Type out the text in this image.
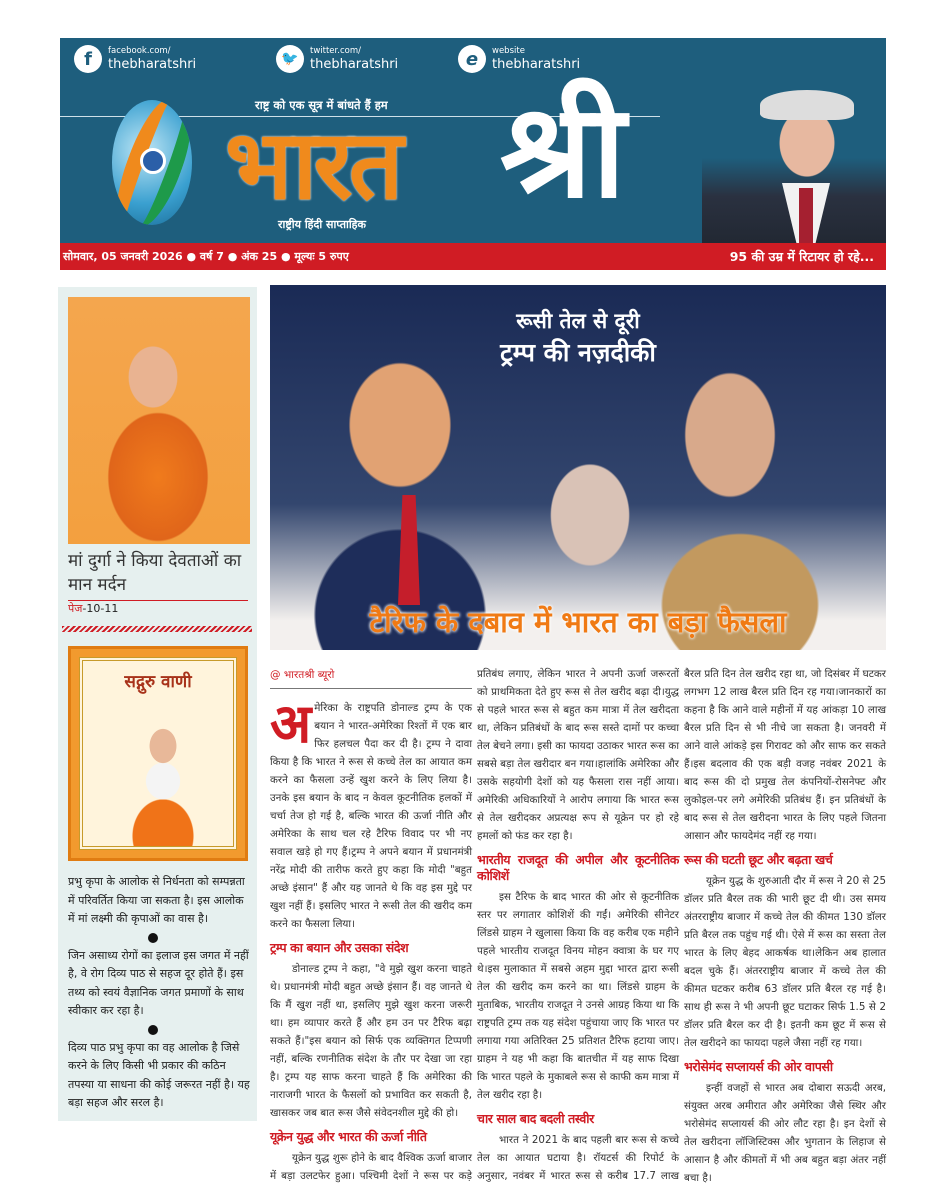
f	facebook.com/
thebharatshri	🐦	twitter.com/
thebharatshri	e	website
thebharatshri
राष्ट्र को एक सूत्र में बांधते हैं हम
भारत श्री
राष्ट्रीय हिंदी साप्ताहिक
सोमवार, 05 जनवरी 2026 ● वर्ष 7 ● अंक 25 ● मूल्यः 5 रुपए	95 की उम्र में रिटायर हो रहे...
मां दुर्गा ने किया देवताओं का मान मर्दन
पेज-10-11
सद्गुरु वाणी
प्रभु कृपा के आलोक से निर्धनता को सम्पन्नता में परिवर्तित किया जा सकता है। इस आलोक में मां लक्ष्मी की कृपाओं का वास है।
जिन असाध्य रोगों का इलाज इस जगत में नहीं है, वे रोग दिव्य पाठ से सहज दूर होते हैं। इस तथ्य को स्वयं वैज्ञानिक जगत प्रमाणों के साथ स्वीकार कर रहा है।
दिव्य पाठ प्रभु कृपा का वह आलोक है जिसे करने के लिए किसी भी प्रकार की कठिन तपस्या या साधना की कोई जरूरत नहीं है। यह बड़ा सहज और सरल है।
रूसी तेल से दूरी
ट्रम्प की नज़दीकी
टैरिफ के दबाव में भारत का बड़ा फैसला
@ भारतश्री ब्यूरो

अमेरिका के राष्ट्रपति डोनाल्ड ट्रम्प के एक बयान ने भारत-अमेरिका रिश्तों में एक बार फिर हलचल पैदा कर दी है। ट्रम्प ने दावा किया है कि भारत ने रूस से कच्चे तेल का आयात कम करने का फैसला उन्हें खुश करने के लिए लिया है। उनके इस बयान के बाद न केवल कूटनीतिक हलकों में चर्चा तेज हो गई है, बल्कि भारत की ऊर्जा नीति और अमेरिका के साथ चल रहे टैरिफ विवाद पर भी नए सवाल खड़े हो गए हैं।ट्रम्प ने अपने बयान में प्रधानमंत्री नरेंद्र मोदी की तारीफ करते हुए कहा कि मोदी "बहुत अच्छे इंसान" हैं और यह जानते थे कि वह इस मुद्दे पर खुश नहीं हैं। इसलिए भारत ने रूसी तेल की खरीद कम करने का फैसला लिया।

ट्रम्प का बयान और उसका संदेश

डोनाल्ड ट्रम्प ने कहा, "वे मुझे खुश करना चाहते थे। प्रधानमंत्री मोदी बहुत अच्छे इंसान हैं। वह जानते थे कि मैं खुश नहीं था, इसलिए मुझे खुश करना जरूरी था। हम व्यापार करते हैं और हम उन पर टैरिफ बढ़ा सकते हैं।"इस बयान को सिर्फ एक व्यक्तिगत टिप्पणी नहीं, बल्कि रणनीतिक संदेश के तौर पर देखा जा रहा है। ट्रम्प यह साफ करना चाहते हैं कि अमेरिका की नाराजगी भारत के फैसलों को प्रभावित कर सकती है, खासकर जब बात रूस जैसे संवेदनशील मुद्दे की हो।

यूक्रेन युद्ध और भारत की ऊर्जा नीति

यूक्रेन युद्ध शुरू होने के बाद वैश्विक ऊर्जा बाजार में बड़ा उलटफेर हुआ। पश्चिमी देशों ने रूस पर कड़े प्रतिबंध लगाए, लेकिन भारत ने अपनी ऊर्जा जरूरतों को प्राथमिकता देते हुए रूस से तेल खरीद बढ़ा दी।युद्ध से पहले भारत रूस से बहुत कम मात्रा में तेल खरीदता था, लेकिन प्रतिबंधों के बाद रूस सस्ते दामों पर कच्चा तेल बेचने लगा। इसी का फायदा उठाकर भारत रूस का सबसे बड़ा तेल खरीदार बन गया।हालांकि अमेरिका और उसके सहयोगी देशों को यह फैसला रास नहीं आया। अमेरिकी अधिकारियों ने आरोप लगाया कि भारत रूस से तेल खरीदकर अप्रत्यक्ष रूप से यूक्रेन पर हो रहे हमलों को फंड कर रहा है।

भारतीय राजदूत की अपील और कूटनीतिक कोशिशें

इस टैरिफ के बाद भारत की ओर से कूटनीतिक स्तर पर लगातार कोशिशें की गईं। अमेरिकी सीनेटर लिंडसे ग्राहम ने खुलासा किया कि वह करीब एक महीने पहले भारतीय राजदूत विनय मोहन क्वात्रा के घर गए थे।इस मुलाकात में सबसे अहम मुद्दा भारत द्वारा रूसी तेल की खरीद कम करने का था। लिंडसे ग्राहम के मुताबिक, भारतीय राजदूत ने उनसे आग्रह किया था कि राष्ट्रपति ट्रम्प तक यह संदेश पहुंचाया जाए कि भारत पर लगाया गया अतिरिक्त 25 प्रतिशत टैरिफ हटाया जाए।ग्राहम ने यह भी कहा कि बातचीत में यह साफ दिखा कि भारत पहले के मुकाबले रूस से काफी कम मात्रा में तेल खरीद रहा है।

चार साल बाद बदली तस्वीर

भारत ने 2021 के बाद पहली बार रूस से कच्चे तेल का आयात घटाया है। रॉयटर्स की रिपोर्ट के अनुसार, नवंबर में भारत रूस से करीब 17.7 लाख बैरल प्रति दिन तेल खरीद रहा था, जो दिसंबर में घटकर लगभग 12 लाख बैरल प्रति दिन रह गया।जानकारों का कहना है कि आने वाले महीनों में यह आंकड़ा 10 लाख बैरल प्रति दिन से भी नीचे जा सकता है। जनवरी में आने वाले आंकड़े इस गिरावट को और साफ कर सकते हैं।इस बदलाव की एक बड़ी वजह नवंबर 2021 के बाद रूस की दो प्रमुख तेल कंपनियों-रोसनेफ्ट और लुकोइल-पर लगे अमेरिकी प्रतिबंध हैं। इन प्रतिबंधों के बाद रूस से तेल खरीदना भारत के लिए पहले जितना आसान और फायदेमंद नहीं रह गया।

रूस की घटती छूट और बढ़ता खर्च

यूक्रेन युद्ध के शुरुआती दौर में रूस ने 20 से 25 डॉलर प्रति बैरल तक की भारी छूट दी थी। उस समय अंतरराष्ट्रीय बाजार में कच्चे तेल की कीमत 130 डॉलर प्रति बैरल तक पहुंच गई थी। ऐसे में रूस का सस्ता तेल भारत के लिए बेहद आकर्षक था।लेकिन अब हालात बदल चुके हैं। अंतरराष्ट्रीय बाजार में कच्चे तेल की कीमत घटकर करीब 63 डॉलर प्रति बैरल रह गई है। साथ ही रूस ने भी अपनी छूट घटाकर सिर्फ 1.5 से 2 डॉलर प्रति बैरल कर दी है। इतनी कम छूट में रूस से तेल खरीदने का फायदा पहले जैसा नहीं रह गया।

भरोसेमंद सप्लायर्स की ओर वापसी

इन्हीं वजहों से भारत अब दोबारा सऊदी अरब, संयुक्त अरब अमीरात और अमेरिका जैसे स्थिर और भरोसेमंद सप्लायर्स की ओर लौट रहा है। इन देशों से तेल खरीदना लॉजिस्टिक्स और भुगतान के लिहाज से आसान है और कीमतों में भी अब बहुत बड़ा अंतर नहीं बचा है।
